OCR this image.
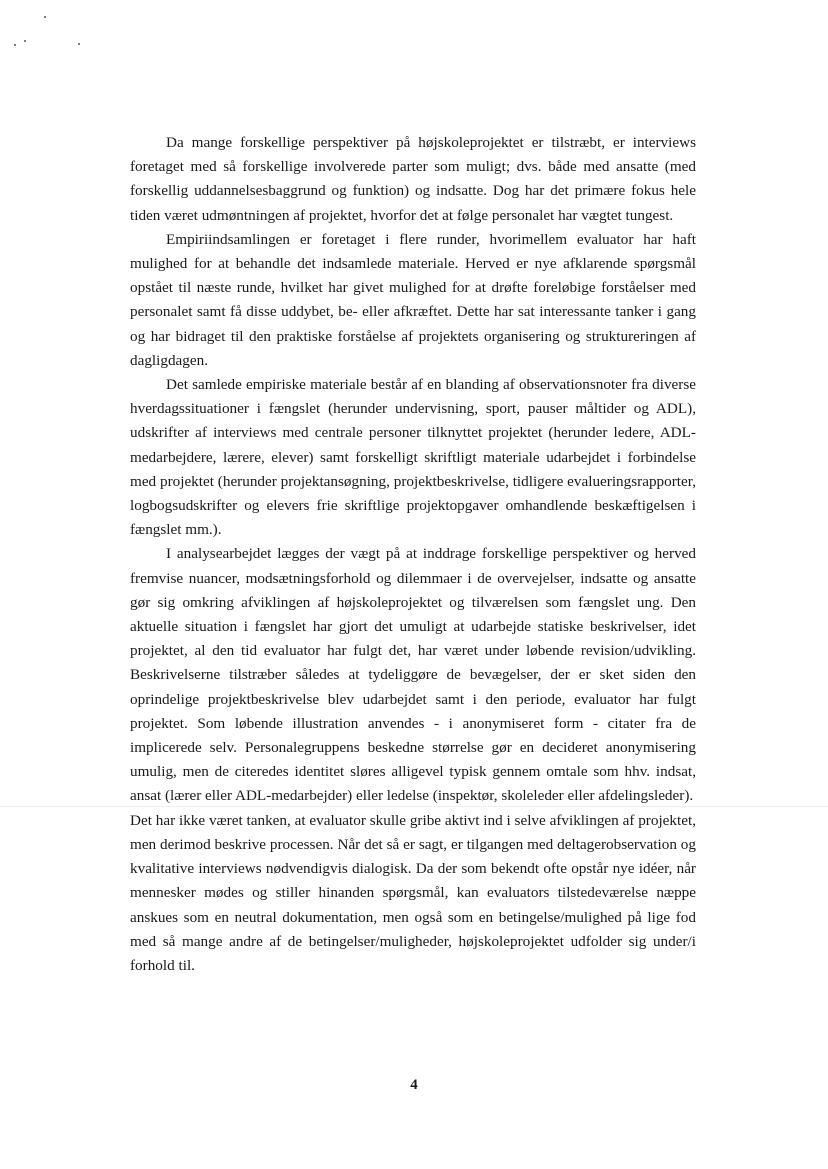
Da mange forskellige perspektiver på højskoleprojektet er tilstræbt, er interviews foretaget med så forskellige involverede parter som muligt; dvs. både med ansatte (med forskellig uddannelsesbaggrund og funktion) og indsatte. Dog har det primære fokus hele tiden været udmøntningen af projektet, hvorfor det at følge personalet har vægtet tungest.

Empiriindsamlingen er foretaget i flere runder, hvorimellem evaluator har haft mulighed for at behandle det indsamlede materiale. Herved er nye afklarende spørgsmål opstået til næste runde, hvilket har givet mulighed for at drøfte foreløbige forståelser med personalet samt få disse uddybet, be- eller afkræftet. Dette har sat interessante tanker i gang og har bidraget til den praktiske forståelse af projektets organisering og struktureringen af dagligdagen.

Det samlede empiriske materiale består af en blanding af observationsnoter fra diverse hverdagssituationer i fængslet (herunder undervisning, sport, pauser måltider og ADL), udskrifter af interviews med centrale personer tilknyttet projektet (herunder ledere, ADL-medarbejdere, lærere, elever) samt forskelligt skriftligt materiale udarbejdet i forbindelse med projektet (herunder projektansøgning, projektbeskrivelse, tidligere evalueringsrapporter, logbogsudskrifter og elevers frie skriftlige projektopgaver omhandlende beskæftigelsen i fængslet mm.).

I analysearbejdet lægges der vægt på at inddrage forskellige perspektiver og herved fremvise nuancer, modsætningsforhold og dilemmaer i de overvejelser, indsatte og ansatte gør sig omkring afviklingen af højskoleprojektet og tilværelsen som fængslet ung. Den aktuelle situation i fængslet har gjort det umuligt at udarbejde statiske beskrivelser, idet projektet, al den tid evaluator har fulgt det, har været under løbende revision/udvikling. Beskrivelserne tilstræber således at tydeliggøre de bevægelser, der er sket siden den oprindelige projektbeskrivelse blev udarbejdet samt i den periode, evaluator har fulgt projektet. Som løbende illustration anvendes - i anonymiseret form - citater fra de implicerede selv. Personalegruppens beskedne størrelse gør en decideret anonymisering umulig, men de citeredes identitet sløres alligevel typisk gennem omtale som hhv. indsat, ansat (lærer eller ADL-medarbejder) eller ledelse (inspektør, skoleleder eller afdelingsleder).

Det har ikke været tanken, at evaluator skulle gribe aktivt ind i selve afviklingen af projektet, men derimod beskrive processen. Når det så er sagt, er tilgangen med deltagerobservation og kvalitative interviews nødvendigvis dialogisk. Da der som bekendt ofte opstår nye idéer, når mennesker mødes og stiller hinanden spørgsmål, kan evaluators tilstedeværelse næppe anskues som en neutral dokumentation, men også som en betingelse/mulighed på lige fod med så mange andre af de betingelser/muligheder, højskoleprojektet udfolder sig under/i forhold til.

4
